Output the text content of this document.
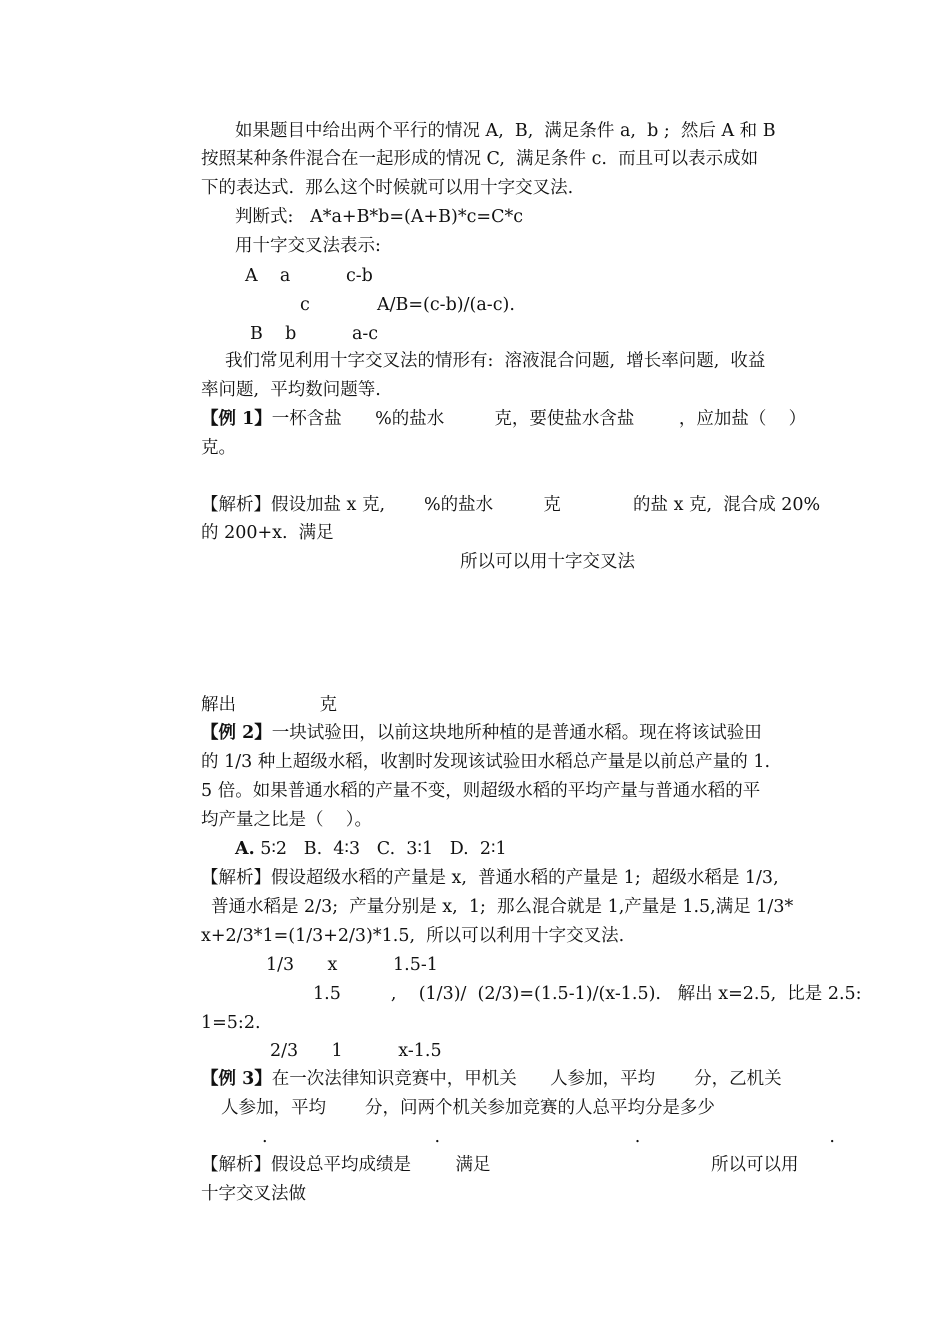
如果题目中给出两个平行的情况 A,  B,  满足条件 a,  b ;  然后 A 和 B
按照某种条件混合在一起形成的情况 C,  满足条件 c.  而且可以表示成如
下的表达式.  那么这个时候就可以用十字交叉法.
判断式:   A*a+B*b=(A+B)*c=C*c
用十字交叉法表示:
A    a          c-b
c	A/B=(c-b)/(a-c).
B    b          a-c
我们常见利用十字交叉法的情形有:  溶液混合问题,  增长率问题,  收益
率问题,  平均数问题等.
【例 1】一杯含盐      %的盐水         克，要使盐水含盐        ，应加盐（    ）
克。
【解析】假设加盐 x 克,       %的盐水         克             的盐 x 克,  混合成 20%
的 200+x.  满足
所以可以用十字交叉法
解出               克
【例 2】一块试验田，以前这块地所种植的是普通水稻。现在将该试验田
的 1/3 种上超级水稻，收割时发现该试验田水稻总产量是以前总产量的 1.
5 倍。如果普通水稻的产量不变，则超级水稻的平均产量与普通水稻的平
均产量之比是（    ）。
A. 5∶2   B.  4∶3   C.  3∶1   D.  2∶1
【解析】假设超级水稻的产量是 x,  普通水稻的产量是 1;  超级水稻是 1/3,
普通水稻是 2/3;  产量分别是 x,  1;  那么混合就是 1,产量是 1.5,满足 1/3*
x+2/3*1=(1/3+2/3)*1.5,  所以可以利用十字交叉法.
1/3      x          1.5-1
1.5         ,    (1/3)/  (2/3)=(1.5-1)/(x-1.5).   解出 x=2.5,  比是 2.5:
1=5:2.
2/3      1          x-1.5
【例 3】在一次法律知识竞赛中，甲机关      人参加，平均       分，乙机关
人参加，平均       分，问两个机关参加竞赛的人总平均分是多少
.                              .                                   .                                  .
【解析】假设总平均成绩是        满足	所以可以用
十字交叉法做
